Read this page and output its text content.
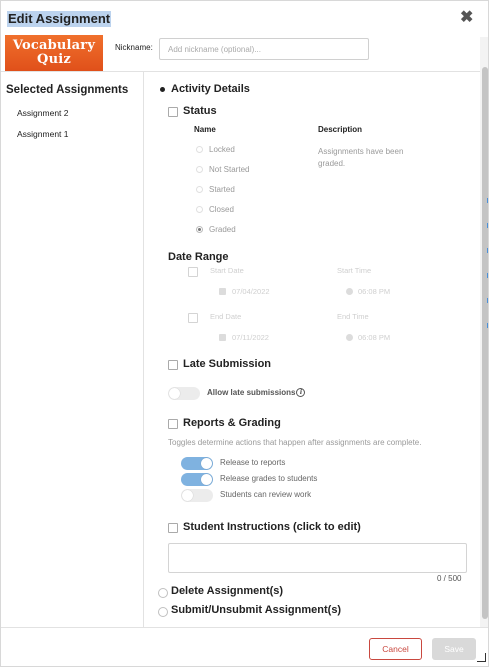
Edit Assignment	✖
Vocabulary
Quiz
Nickname:
Add nickname (optional)...
Selected Assignments
Assignment 2
Assignment 1
Activity Details
Status
Name	Description
Locked
Not Started
Started
Closed
Graded
Assignments have been graded.
Date Range
Start Date	Start Time
07/04/2022	06:08 PM
End Date	End Time
07/11/2022	06:08 PM
Late Submission
Allow late submissions i
Reports & Grading
Toggles determine actions that happen after assignments are complete.
Release to reports
Release grades to students
Students can review work
Student Instructions (click to edit)
0 / 500
Delete Assignment(s)
Submit/Unsubmit Assignment(s)
Cancel	Save
